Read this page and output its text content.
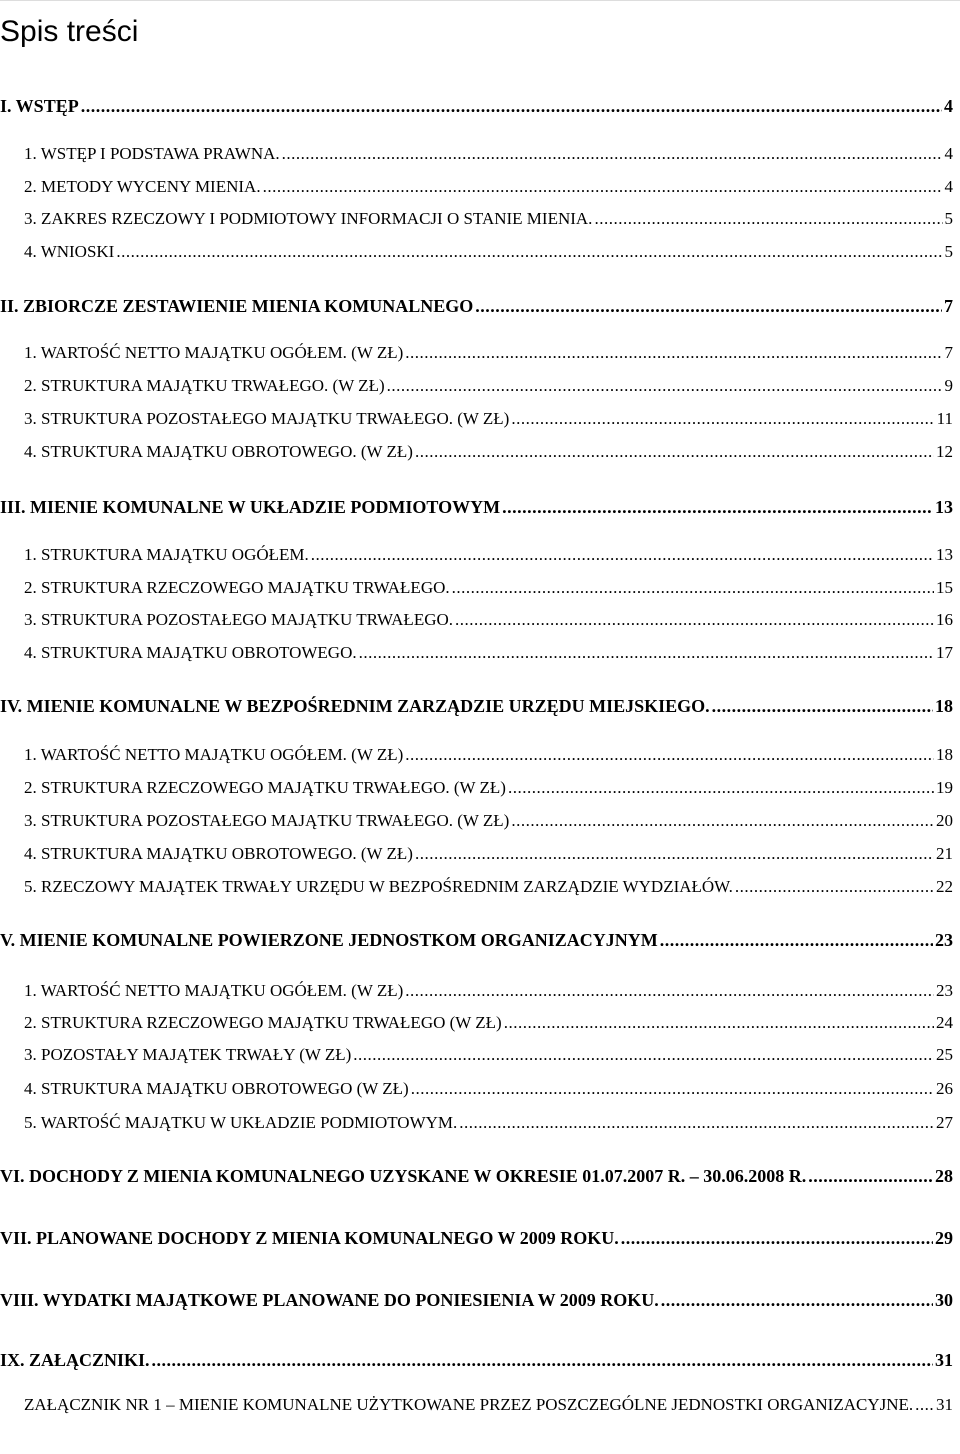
Spis treści
I. WSTĘP .....	4
1. WSTĘP I PODSTAWA PRAWNA. .....	4
2. METODY WYCENY MIENIA. .....	4
3. ZAKRES RZECZOWY I PODMIOTOWY INFORMACJI O STANIE MIENIA. .....	5
4. WNIOSKI .....	5
II. ZBIORCZE ZESTAWIENIE MIENIA KOMUNALNEGO .....	7
1. WARTOŚĆ NETTO MAJĄTKU OGÓŁEM. (W ZŁ) .....	7
2. STRUKTURA MAJĄTKU TRWAŁEGO. (W ZŁ) .....	9
3. STRUKTURA POZOSTAŁEGO MAJĄTKU TRWAŁEGO. (W ZŁ) .....	11
4. STRUKTURA MAJĄTKU OBROTOWEGO. (W ZŁ) .....	12
III. MIENIE KOMUNALNE W UKŁADZIE PODMIOTOWYM .....	13
1. STRUKTURA MAJĄTKU OGÓŁEM. .....	13
2. STRUKTURA RZECZOWEGO MAJĄTKU TRWAŁEGO. .....	15
3. STRUKTURA POZOSTAŁEGO MAJĄTKU TRWAŁEGO. .....	16
4. STRUKTURA MAJĄTKU OBROTOWEGO. .....	17
IV. MIENIE KOMUNALNE W BEZPOŚREDNIM ZARZĄDZIE URZĘDU MIEJSKIEGO. .....	18
1. WARTOŚĆ NETTO MAJĄTKU OGÓŁEM. (W ZŁ) .....	18
2. STRUKTURA RZECZOWEGO MAJĄTKU TRWAŁEGO. (W ZŁ) .....	19
3. STRUKTURA POZOSTAŁEGO MAJĄTKU TRWAŁEGO. (W ZŁ) .....	20
4. STRUKTURA MAJĄTKU OBROTOWEGO. (W ZŁ) .....	21
5. RZECZOWY MAJĄTEK TRWAŁY URZĘDU W BEZPOŚREDNIM ZARZĄDZIE WYDZIAŁÓW. .....	22
V. MIENIE KOMUNALNE POWIERZONE JEDNOSTKOM ORGANIZACYJNYM .....	23
1. WARTOŚĆ NETTO MAJĄTKU OGÓŁEM. (W ZŁ) .....	23
2. STRUKTURA RZECZOWEGO MAJĄTKU TRWAŁEGO (W ZŁ) .....	24
3. POZOSTAŁY MAJĄTEK TRWAŁY (W ZŁ) .....	25
4. STRUKTURA MAJĄTKU OBROTOWEGO (W ZŁ) .....	26
5. WARTOŚĆ MAJĄTKU W UKŁADZIE PODMIOTOWYM. .....	27
VI. DOCHODY Z MIENIA KOMUNALNEGO UZYSKANE W OKRESIE 01.07.2007 R. – 30.06.2008 R. .....	28
VII. PLANOWANE DOCHODY Z MIENIA KOMUNALNEGO W 2009 ROKU. .....	29
VIII. WYDATKI MAJĄTKOWE PLANOWANE DO PONIESIENIA W 2009 ROKU. .....	30
IX. ZAŁĄCZNIKI. .....	31
ZAŁĄCZNIK NR 1 – MIENIE KOMUNALNE UŻYTKOWANE PRZEZ POSZCZEGÓLNE JEDNOSTKI ORGANIZACYJNE. ..... 31
